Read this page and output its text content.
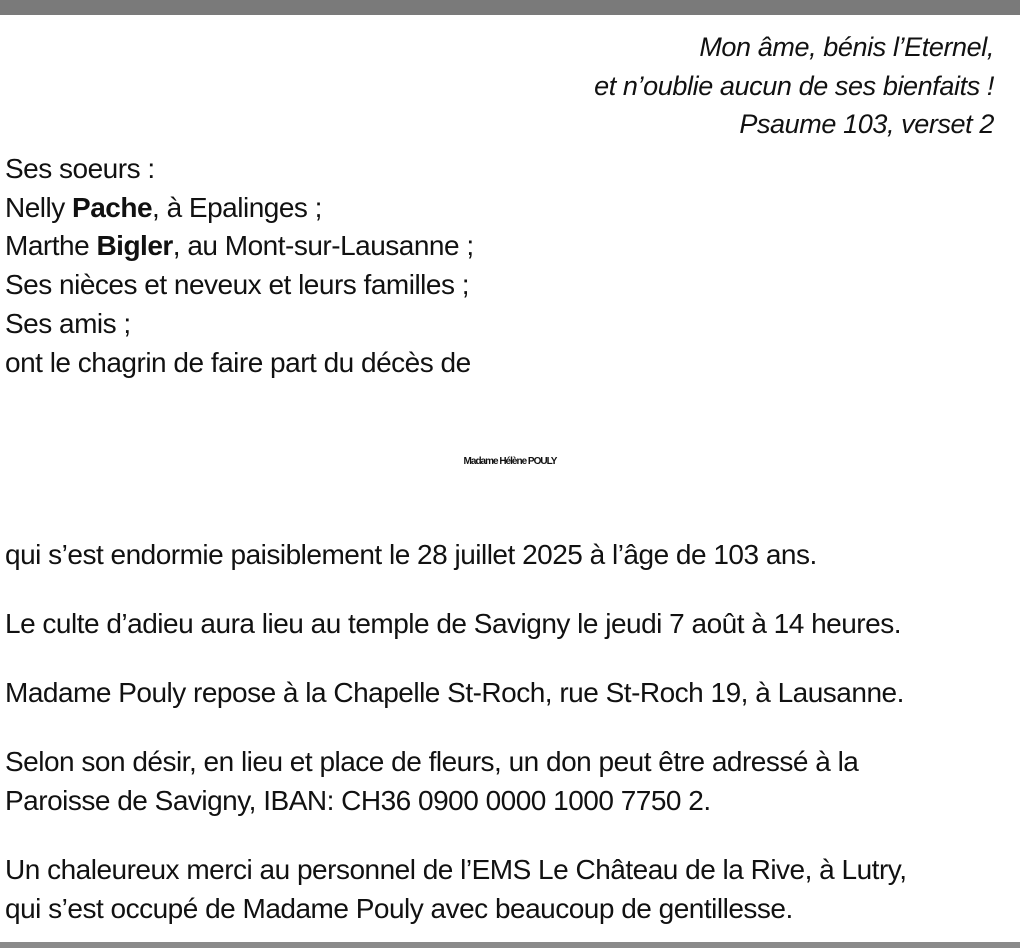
Mon âme, bénis l’Eternel,
et n’oublie aucun de ses bienfaits !
Psaume 103, verset 2
Ses soeurs :
Nelly Pache, à Epalinges ;
Marthe Bigler, au Mont-sur-Lausanne ;
Ses nièces et neveux et leurs familles ;
Ses amis ;
ont le chagrin de faire part du décès de
Madame Hélène POULY
qui s’est endormie paisiblement le 28 juillet 2025 à l’âge de 103 ans.
Le culte d’adieu aura lieu au temple de Savigny le jeudi 7 août à 14 heures.
Madame Pouly repose à la Chapelle St-Roch, rue St-Roch 19, à Lausanne.
Selon son désir, en lieu et place de fleurs, un don peut être adressé à la
Paroisse de Savigny, IBAN: CH36 0900 0000 1000 7750 2.
Un chaleureux merci au personnel de l’EMS Le Château de la Rive, à Lutry,
qui s’est occupé de Madame Pouly avec beaucoup de gentillesse.
